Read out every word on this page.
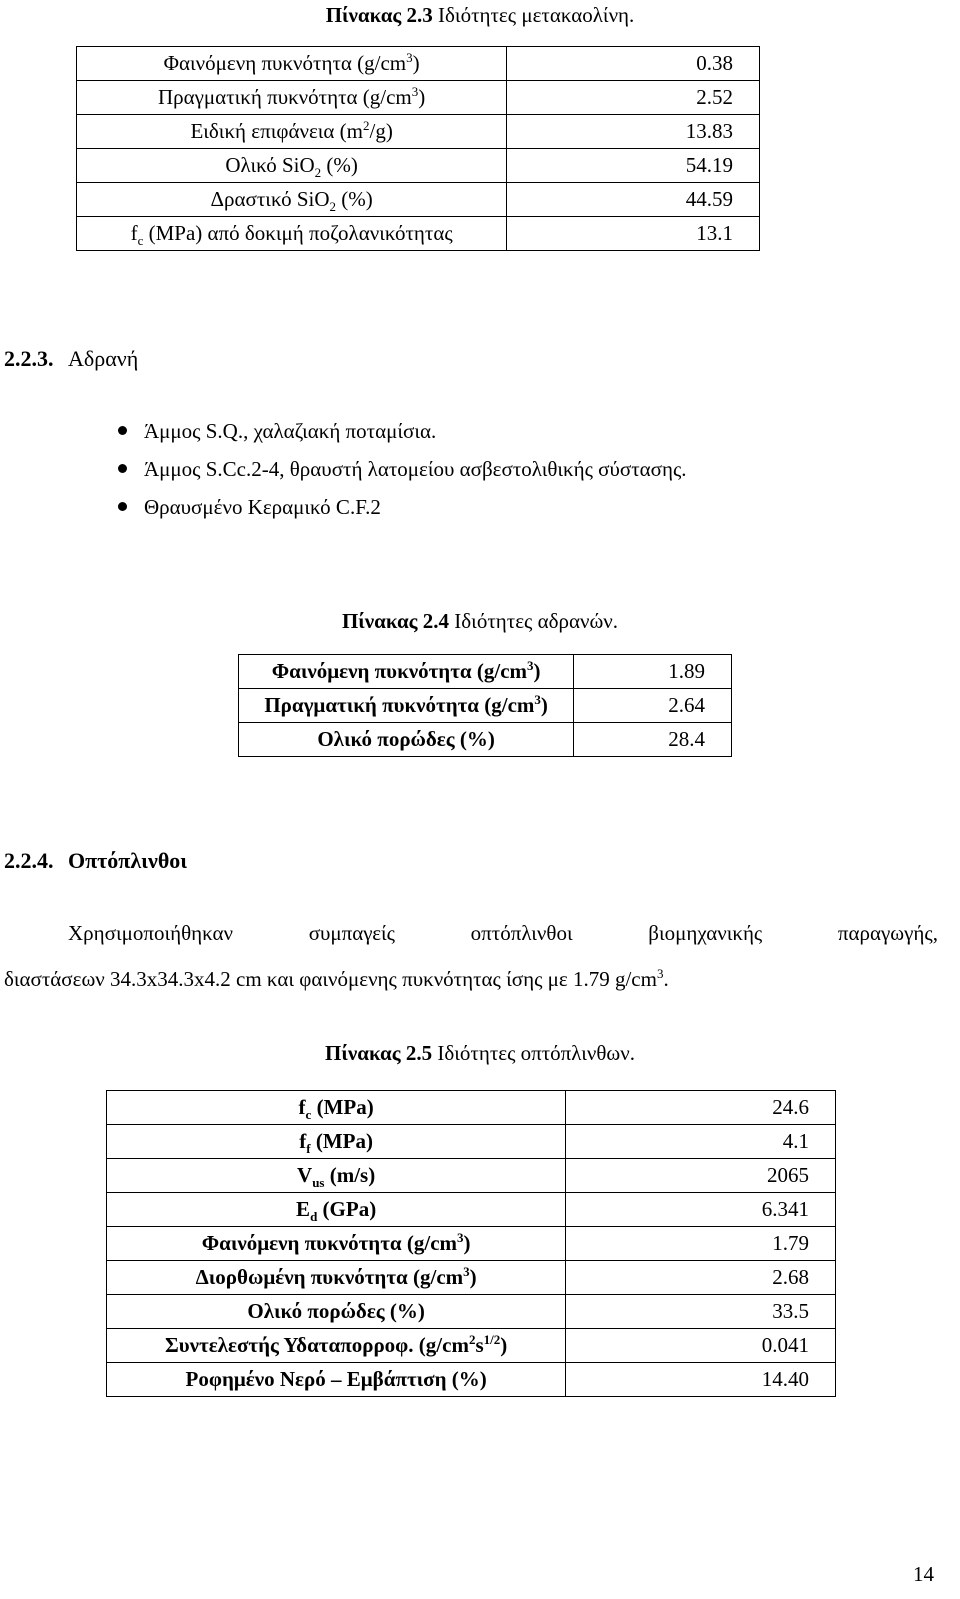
Πίνακας 2.3 Ιδιότητες μετακαολίνη.
Φαινόμενη πυκνότητα $(g/cm^3)$	0.38
Πραγματική πυκνότητα $(g/cm^3)$	2.52
Ειδική επιφάνεια $(m^2/g)$	13.83
Ολικό SiO$_2$ (%)	54.19
Δραστικό SiO$_2$ (%)	44.59
$f_c$ (MPa) από δοκιμή ποζολανικότητας	13.1
2.2.3. Αδρανή
Άμμος S.Q., χαλαζιακή ποταμίσια.
Άμμος S.Cc.2-4, θραυστή λατομείου ασβεστολιθικής σύστασης.
Θραυσμένο Κεραμικό C.F.2
Πίνακας 2.4 Ιδιότητες αδρανών.
Φαινόμενη πυκνότητα $(g/cm^3)$	1.89
Πραγματική πυκνότητα $(g/cm^3)$	2.64
Ολικό πορώδες (%)	28.4
2.2.4. Οπτόπλινθοι
Χρησιμοποιήθηκαν	συμπαγείς	οπτόπλινθοι	βιομηχανικής	παραγωγής,
διαστάσεων 34.3x34.3x4.2 cm και φαινόμενης πυκνότητας ίσης με 1.79 $g/cm^3$.
Πίνακας 2.5 Ιδιότητες οπτόπλινθων.
$f_c$ (MPa)	24.6
$f_f$ (MPa)	4.1
$V_{us}$ (m/s)	2065
$E_d$ (GPa)	6.341
Φαινόμενη πυκνότητα $(g/cm^3)$	1.79
Διορθωμένη πυκνότητα $(g/cm^3)$	2.68
Ολικό πορώδες (%)	33.5
Συντελεστής Υδαταπορροφ. $(g/cm^2s^{1/2})$	0.041
Ροφημένο Νερό – Εμβάπτιση (%)	14.40
14
